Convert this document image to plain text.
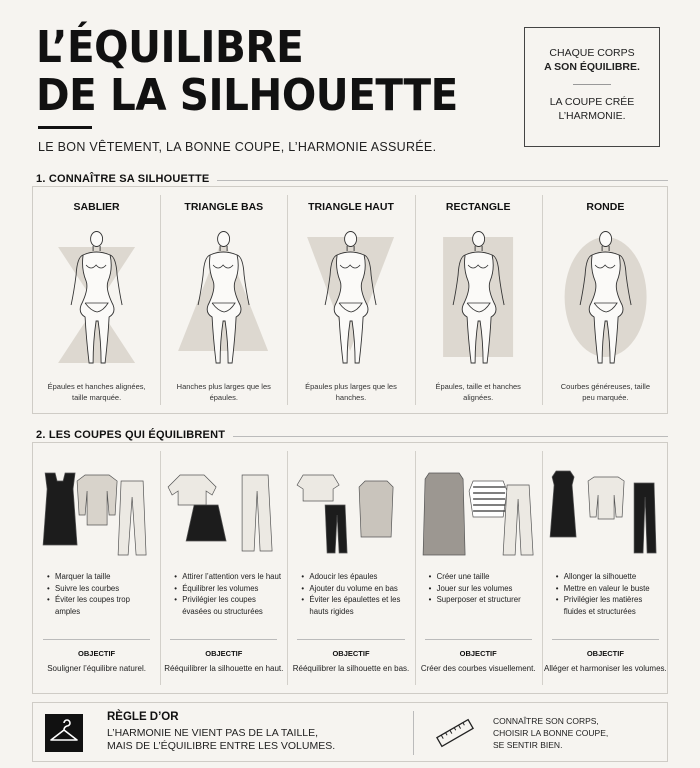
L’ÉQUILIBRE
DE LA SILHOUETTE
LE BON VÊTEMENT, LA BONNE COUPE, L’HARMONIE ASSURÉE.
CHAQUE CORPS
A SON ÉQUILIBRE.
LA COUPE CRÉE
L’HARMONIE.
1. CONNAÎTRE SA SILHOUETTE
SABLIER
Épaules et hanches alignées, taille marquée.
TRIANGLE BAS
Hanches plus larges que les épaules.
TRIANGLE HAUT
Épaules plus larges que les hanches.
RECTANGLE
Épaules, taille et hanches alignées.
RONDE
Courbes généreuses, taille peu marquée.
2. LES COUPES QUI ÉQUILIBRENT
• Marquer la taille
• Suivre les courbes
• Éviter les coupes trop amples
OBJECTIF
Souligner l’équilibre naturel.
• Attirer l’attention vers le haut
• Équilibrer les volumes
• Privilégier les coupes évasées ou structurées
OBJECTIF
Rééquilibrer la silhouette en haut.
• Adoucir les épaules
• Ajouter du volume en bas
• Éviter les épaulettes et les hauts rigides
OBJECTIF
Rééquilibrer la silhouette en bas.
• Créer une taille
• Jouer sur les volumes
• Superposer et structurer
OBJECTIF
Créer des courbes visuellement.
• Allonger la silhouette
• Mettre en valeur le buste
• Privilégier les matières fluides et structurées
OBJECTIF
Alléger et harmoniser les volumes.
RÈGLE D’OR
L’HARMONIE NE VIENT PAS DE LA TAILLE,
MAIS DE L’ÉQUILIBRE ENTRE LES VOLUMES.
CONNAÎTRE SON CORPS,
CHOISIR LA BONNE COUPE,
SE SENTIR BIEN.
